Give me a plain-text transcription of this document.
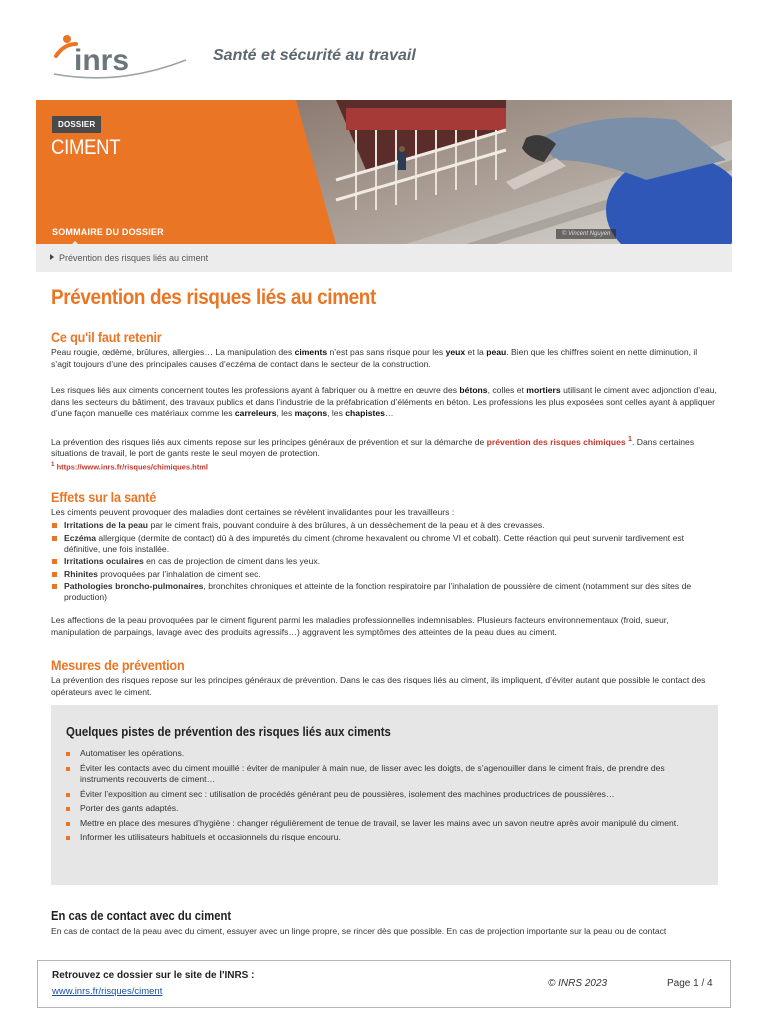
inrs	Santé et sécurité au travail
DOSSIER
CIMENT
SOMMAIRE DU DOSSIER	© Vincent Nguyen
Prévention des risques liés au ciment
Prévention des risques liés au ciment
Ce qu'il faut retenir
Peau rougie, œdème, brûlures, allergies… La manipulation des ciments n’est pas sans risque pour les yeux et la peau. Bien que les chiffres soient en nette diminution, il s’agit toujours d’une des principales causes d’eczéma de contact dans le secteur de la construction.
Les risques liés aux ciments concernent toutes les professions ayant à fabriquer ou à mettre en œuvre des bétons, colles et mortiers utilisant le ciment avec adjonction d’eau, dans les secteurs du bâtiment, des travaux publics et dans l’industrie de la préfabrication d’éléments en béton. Les professions les plus exposées sont celles ayant à appliquer d’une façon manuelle ces matériaux comme les carreleurs, les maçons, les chapistes…
La prévention des risques liés aux ciments repose sur les principes généraux de prévention et sur la démarche de prévention des risques chimiques $^1$. Dans certaines situations de travail, le port de gants reste le seul moyen de protection.
$^1$ https://www.inrs.fr/risques/chimiques.html
Effets sur la santé
Les ciments peuvent provoquer des maladies dont certaines se révèlent invalidantes pour les travailleurs :
Irritations de la peau par le ciment frais, pouvant conduire à des brûlures, à un dessèchement de la peau et à des crevasses.
Eczéma allergique (dermite de contact) dû à des impuretés du ciment (chrome hexavalent ou chrome VI et cobalt). Cette réaction qui peut survenir tardivement est définitive, une fois installée.
Irritations oculaires en cas de projection de ciment dans les yeux.
Rhinites provoquées par l’inhalation de ciment sec.
Pathologies broncho-pulmonaires, bronchites chroniques et atteinte de la fonction respiratoire par l’inhalation de poussière de ciment (notamment sur des sites de production)
Les affections de la peau provoquées par le ciment figurent parmi les maladies professionnelles indemnisables. Plusieurs facteurs environnementaux (froid, sueur, manipulation de parpaings, lavage avec des produits agressifs…) aggravent les symptômes des atteintes de la peau dues au ciment.
Mesures de prévention
La prévention des risques repose sur les principes généraux de prévention. Dans le cas des risques liés au ciment, ils impliquent, d’éviter autant que possible le contact des opérateurs avec le ciment.
Quelques pistes de prévention des risques liés aux ciments
Automatiser les opérations.
Éviter les contacts avec du ciment mouillé : éviter de manipuler à main nue, de lisser avec les doigts, de s’agenouiller dans le ciment frais, de prendre des instruments recouverts de ciment…
Éviter l’exposition au ciment sec : utilisation de procédés générant peu de poussières, isolement des machines productrices de poussières…
Porter des gants adaptés.
Mettre en place des mesures d’hygiène : changer régulièrement de tenue de travail, se laver les mains avec un savon neutre après avoir manipulé du ciment.
Informer les utilisateurs habituels et occasionnels du risque encouru.
En cas de contact avec du ciment
En cas de contact de la peau avec du ciment, essuyer avec un linge propre, se rincer dès que possible. En cas de projection importante sur la peau ou de contact
Retrouvez ce dossier sur le site de l'INRS :
www.inrs.fr/risques/ciment
© INRS 2023	Page 1 / 4
